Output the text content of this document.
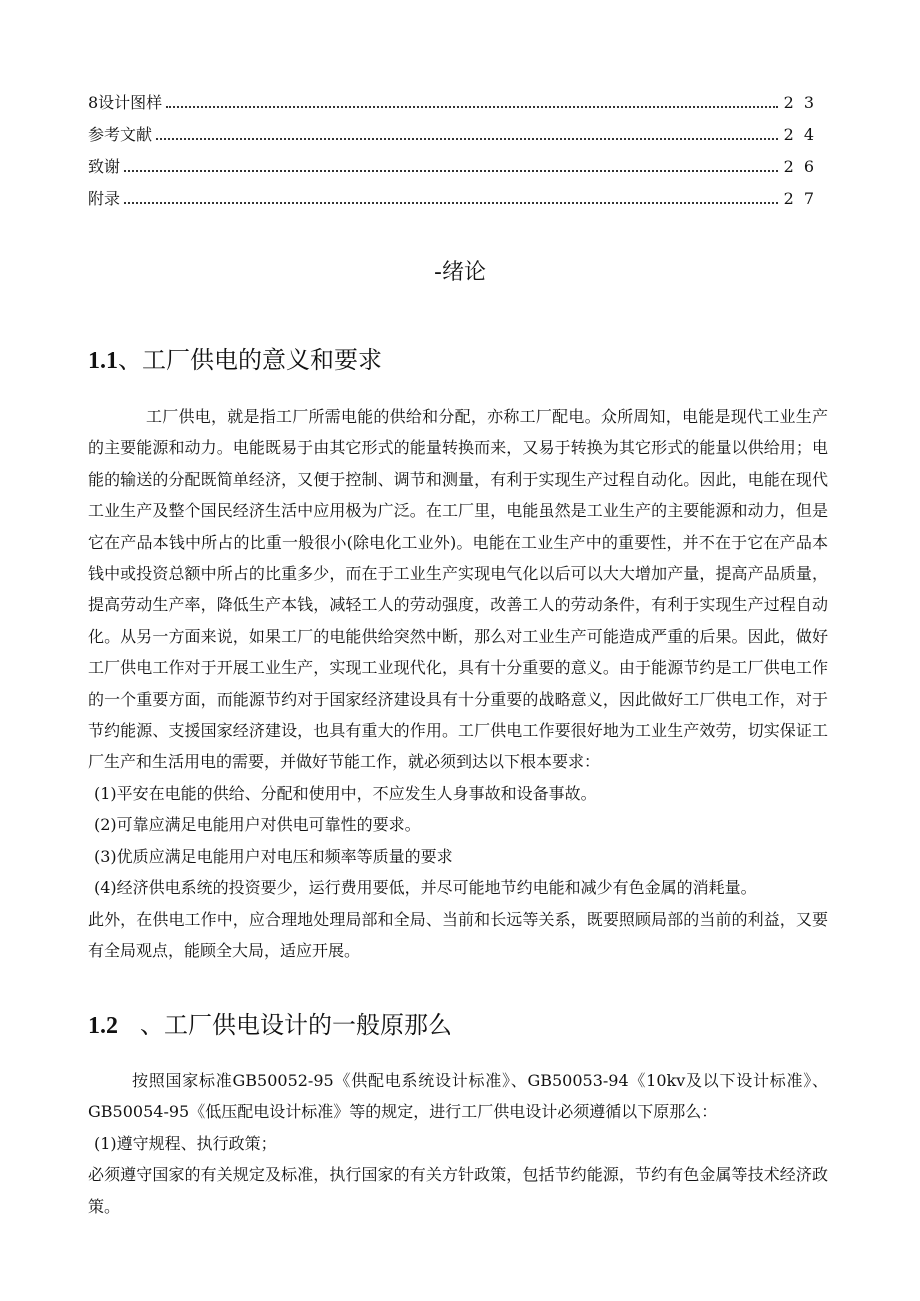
8设计图样	23
参考文献	24
致谢	26
附录	27
-绪论
1.1、工厂供电的意义和要求

工厂供电，就是指工厂所需电能的供给和分配，亦称工厂配电。众所周知，电能是现代工业生产的主要能源和动力。电能既易于由其它形式的能量转换而来，又易于转换为其它形式的能量以供给用；电能的输送的分配既简单经济，又便于控制、调节和测量，有利于实现生产过程自动化。因此，电能在现代工业生产及整个国民经济生活中应用极为广泛。在工厂里，电能虽然是工业生产的主要能源和动力，但是它在产品本钱中所占的比重一般很小(除电化工业外)。电能在工业生产中的重要性，并不在于它在产品本钱中或投资总额中所占的比重多少，而在于工业生产实现电气化以后可以大大增加产量，提高产品质量，提高劳动生产率，降低生产本钱，减轻工人的劳动强度，改善工人的劳动条件，有利于实现生产过程自动化。从另一方面来说，如果工厂的电能供给突然中断，那么对工业生产可能造成严重的后果。因此，做好工厂供电工作对于开展工业生产，实现工业现代化，具有十分重要的意义。由于能源节约是工厂供电工作的一个重要方面，而能源节约对于国家经济建设具有十分重要的战略意义，因此做好工厂供电工作，对于节约能源、支援国家经济建设，也具有重大的作用。工厂供电工作要很好地为工业生产效劳，切实保证工厂生产和生活用电的需要，并做好节能工作，就必须到达以下根本要求：

(1)平安在电能的供给、分配和使用中，不应发生人身事故和设备事故。

(2)可靠应满足电能用户对供电可靠性的要求。

(3)优质应满足电能用户对电压和频率等质量的要求

(4)经济供电系统的投资要少，运行费用要低，并尽可能地节约电能和减少有色金属的消耗量。

此外，在供电工作中，应合理地处理局部和全局、当前和长远等关系，既要照顾局部的当前的利益，又要有全局观点，能顾全大局，适应开展。

1.2 、工厂供电设计的一般原那么

按照国家标准GB50052-95《供配电系统设计标准》、GB50053-94《10kv及以下设计标准》、GB50054-95《低压配电设计标准》等的规定，进行工厂供电设计必须遵循以下原那么：

(1)遵守规程、执行政策；

必须遵守国家的有关规定及标准，执行国家的有关方针政策，包括节约能源，节约有色金属等技术经济政策。
